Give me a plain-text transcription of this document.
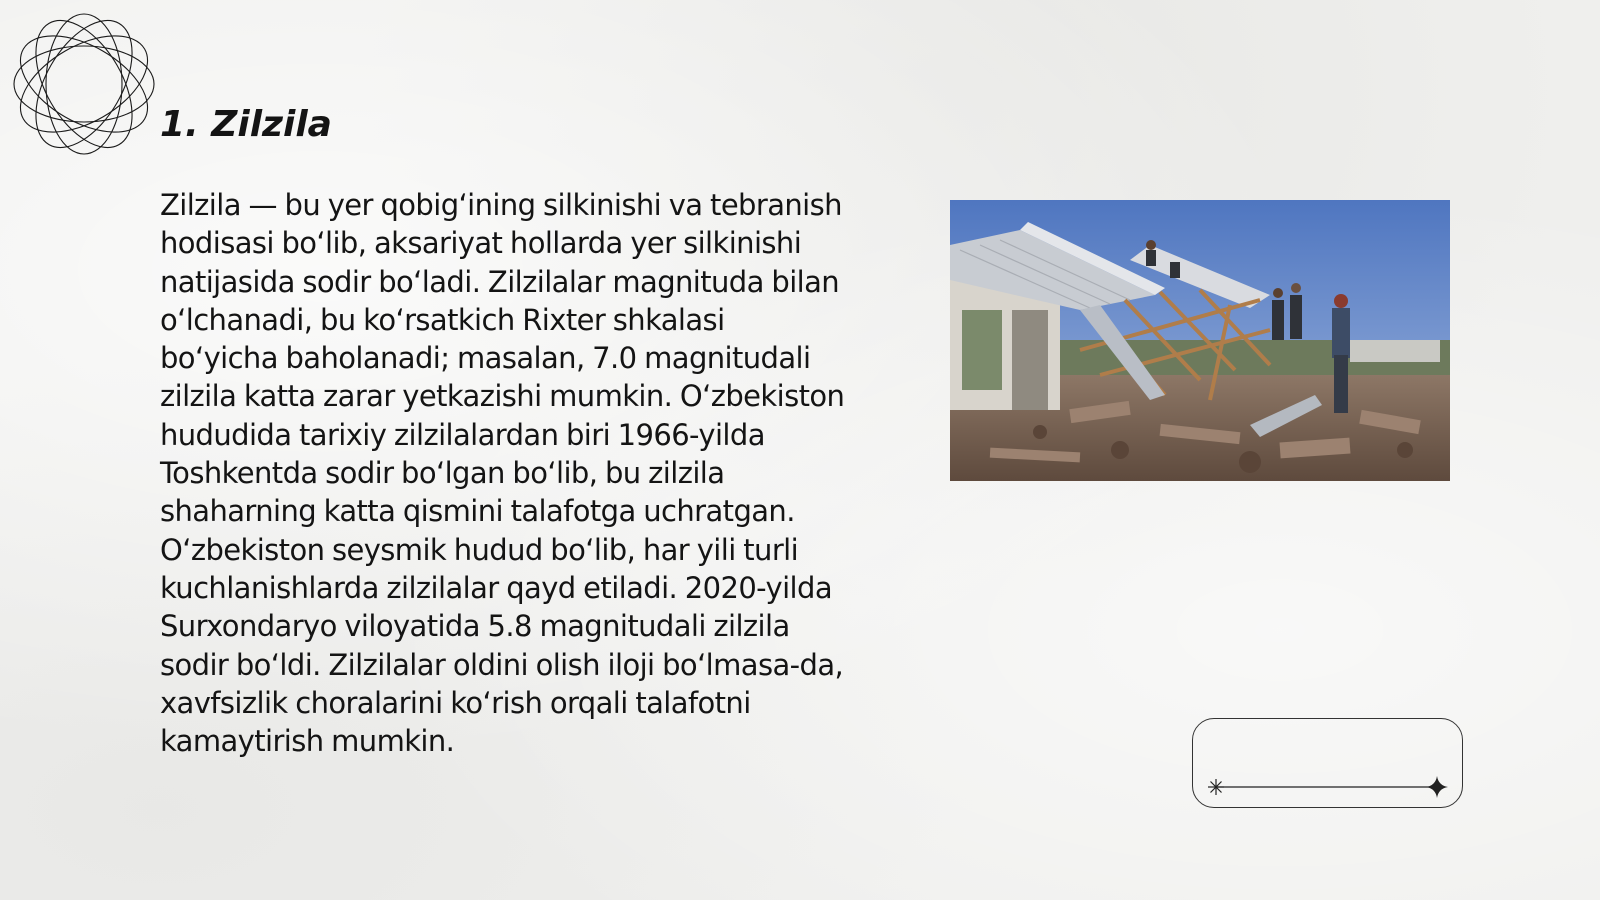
1. Zilzila

Zilzila — bu yer qobigʻining silkinishi va tebranish hodisasi boʻlib, aksariyat hollarda yer silkinishi natijasida sodir boʻladi. Zilzilalar magnituda bilan oʻlchanadi, bu koʻrsatkich Rixter shkalasi boʻyicha baholanadi; masalan, 7.0 magnitudali zilzila katta zarar yetkazishi mumkin. Oʻzbekiston hududida tarixiy zilzilalardan biri 1966-yilda Toshkentda sodir boʻlgan boʻlib, bu zilzila shaharning katta qismini talafotga uchratgan. Oʻzbekiston seysmik hudud boʻlib, har yili turli kuchlanishlarda zilzilalar qayd etiladi. 2020-yilda Surxondaryo viloyatida 5.8 magnitudali zilzila sodir boʻldi. Zilzilalar oldini olish iloji boʻlmasa-da, xavfsizlik choralarini koʻrish orqali talafotni kamaytirish mumkin.
